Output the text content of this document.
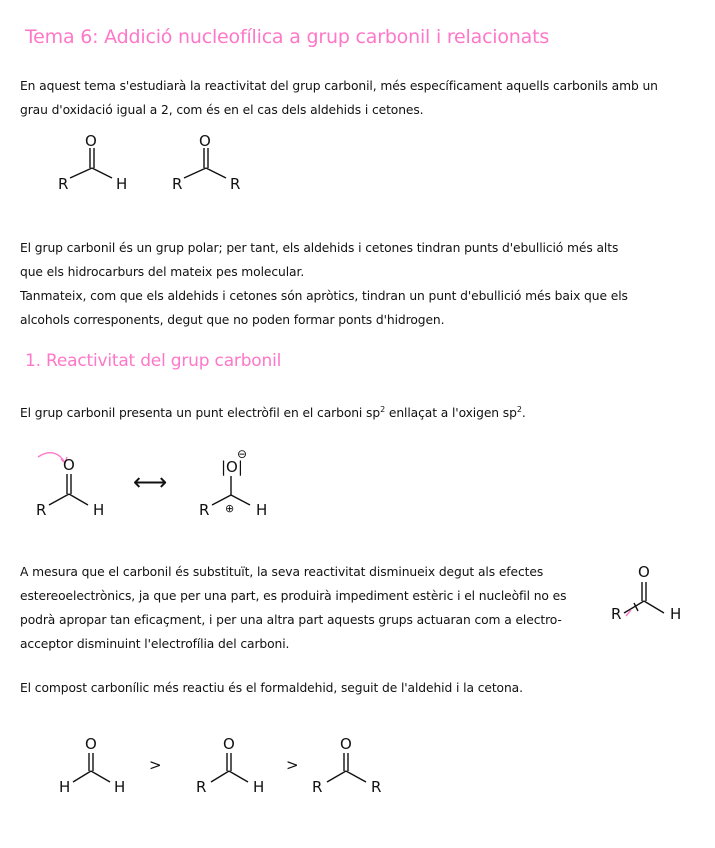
Tema 6: Addició nucleofílica a grup carbonil i relacionats
En aquest tema s'estudiarà la reactivitat del grup carbonil, més específicament aquells carbonils amb un
grau d'oxidació igual a 2, com és en el cas dels aldehids i cetones.
O
R	H
O
R	R
El grup carbonil és un grup polar; per tant, els aldehids i cetones tindran punts d'ebullició més alts
que els hidrocarburs del mateix pes molecular.
Tanmateix, com que els aldehids i cetones són apròtics, tindran un punt d'ebullició més baix que els
alcohols corresponents, degut que no poden formar ponts d'hidrogen.
1. Reactivitat del grup carbonil
El grup carbonil presenta un punt electròfil en el carboni $sp^2$ enllaçat a l'oxigen $sp^2$.
O
R	H
⟷
|O|
⊖
R	H
⊕
A mesura que el carbonil és substituït, la seva reactivitat disminueix degut als efectes estereoelectrònics, ja que per una part, es produirà impediment estèric i el nucleòfil no es podrà apropar tan eficaçment, i per una altra part aquests grups actuaran com a electro-acceptor disminuint l'electrofília del carboni.
O
R	H
El compost carbonílic més reactiu és el formaldehid, seguit de l'aldehid i la cetona.
O
H	H
>
O
R	H
>
O
R	R
